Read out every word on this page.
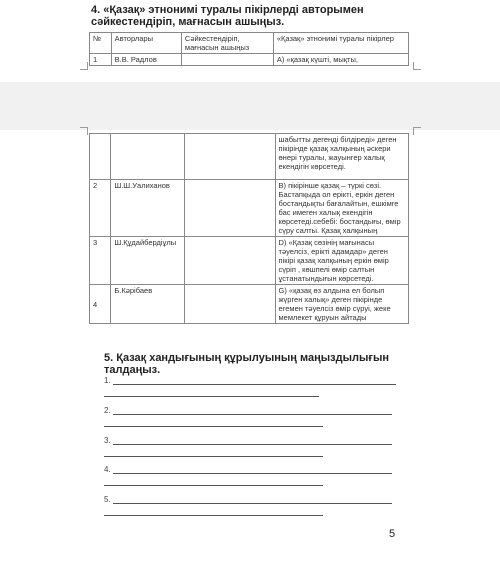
4. «Қазақ» этнонимі туралы пікірлерді авторымен сәйкестендіріп, мағнасын ашыңыз.
№	Авторлары	Сәйкестендіріп, мағнасын ашыңыз	«Қазақ» этнонимі туралы пікірлер
1	В.В. Радлов		А) «қазақ күшті, мықты,
			шабытты дегенді білдіреді» деген пікірінде қазақ халқының әскери өнері туралы, жауынгер халық екендігін көрсетеді.
2	Ш.Ш.Уалиханов		В) пікірінше қазақ – түркі сөзі. Бастапқыда ол ерікті, еркін деген бостандықты бағалайтын, ешкімге бас имеген халық екендігін көрсетеді.себебі: бостандығы, өмір сүру салты. Қазақ халқының
3	Ш.Құдайбердіұлы		D) «Қазақ сөзінің мағынасы тәуелсіз, ерікті адамдар» деген пікірі қазақ халқының еркін өмір сүріп , көшпелі өмір салтын ұстанатындығын көрсетеді.
4	Б.Кәрібаев		G) «қазақ өз алдына ел болып жүрген халық» деген пікірінде егемен тәуелсіз өмір сүруі, жеке мемлекет құруын айтады
5. Қазақ хандығының құрылуының маңыздылығын талдаңыз.
1.
2.
3.
4.
5.
5
